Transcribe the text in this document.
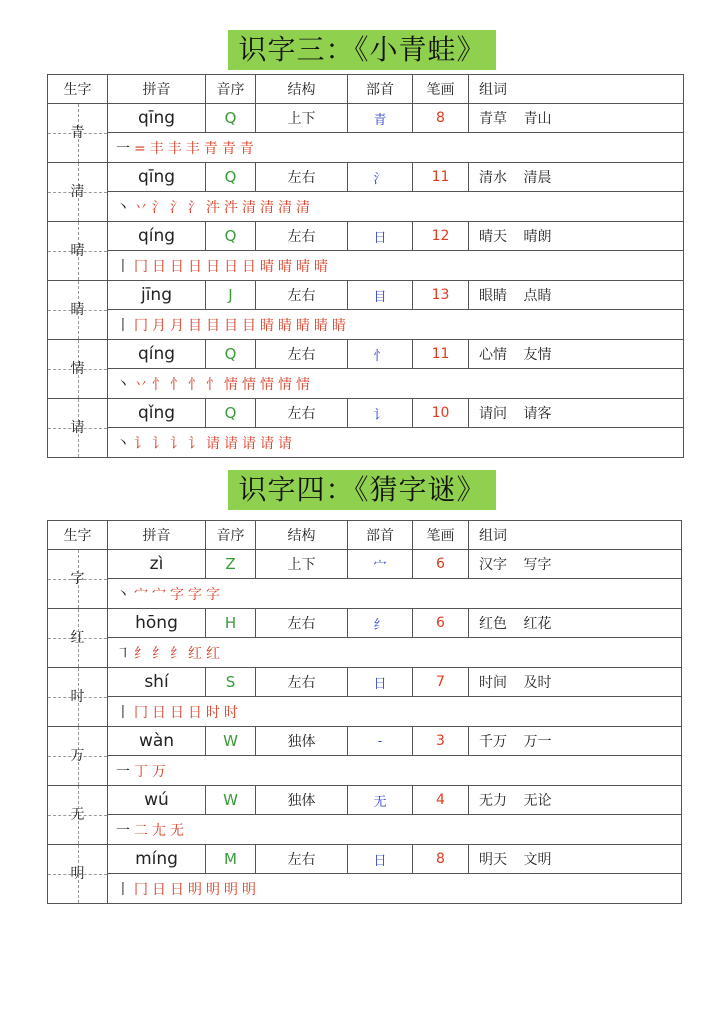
识字三：《小青蛙》
生字	拼音	音序	结构	部首	笔画	组词
青	qīng	Q	上下	青	8	青草 青山
	一=丰丰丰青青青					
清	qīng	Q	左右	氵	11	清水 清晨
	丶丷氵氵氵汼汼清清清清					
晴	qíng	Q	左右	日	12	晴天 晴朗
	丨冂日日日日日日晴晴晴晴					
睛	jīng	J	左右	目	13	眼睛 点睛
	丨冂月月目目目目睛睛睛睛睛					
情	qíng	Q	左右	忄	11	心情 友情
	丶丷忄忄忄忄情情情情情					
请	qǐng	Q	左右	讠	10	请问 请客
	丶讠讠讠讠请请请请请					
识字四：《猜字谜》
生字	拼音	音序	结构	部首	笔画	组词
字	zì	Z	上下	宀	6	汉字 写字
	丶宀宀字字字					
红	hōng	H	左右	纟	6	红色 红花
	㇕纟纟纟红红					
时	shí	S	左右	日	7	时间 及时
	丨冂日日日时时					
万	wàn	W	独体	-	3	千万 万一
	一丁万					
无	wú	W	独体	无	4	无力 无论
	一二尢无					
明	míng	M	左右	日	8	明天 文明
	丨冂日日明明明明					
